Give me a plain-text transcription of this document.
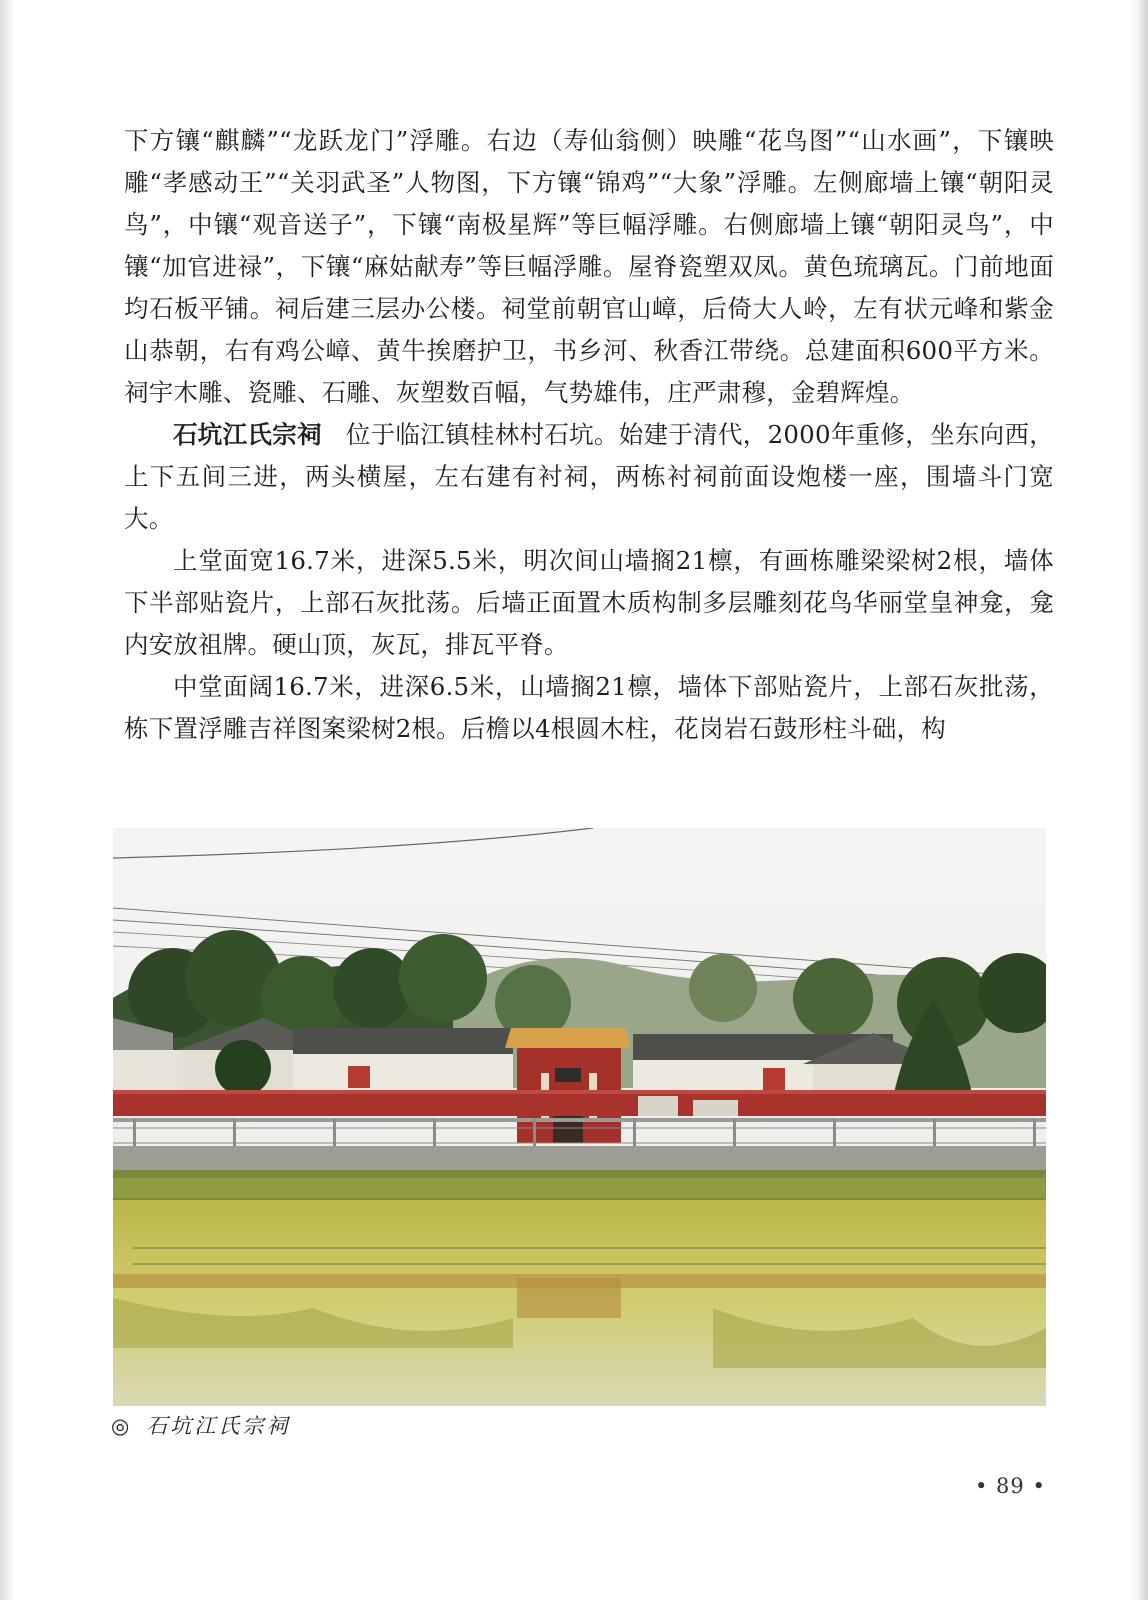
下方镶“麒麟”“龙跃龙门”浮雕。右边（寿仙翁侧）映雕“花鸟图”“山水画”，下镶映雕“孝感动王”“关羽武圣”人物图，下方镶“锦鸡”“大象”浮雕。左侧廊墙上镶“朝阳灵鸟”，中镶“观音送子”，下镶“南极星辉”等巨幅浮雕。右侧廊墙上镶“朝阳灵鸟”，中镶“加官进禄”，下镶“麻姑献寿”等巨幅浮雕。屋脊瓷塑双凤。黄色琉璃瓦。门前地面均石板平铺。祠后建三层办公楼。祠堂前朝官山嶂，后倚大人岭，左有状元峰和紫金山恭朝，右有鸡公嶂、黄牛挨磨护卫，书乡河、秋香江带绕。总建面积600平方米。祠宇木雕、瓷雕、石雕、灰塑数百幅，气势雄伟，庄严肃穆，金碧辉煌。

石坑江氏宗祠 位于临江镇桂林村石坑。始建于清代，2000年重修，坐东向西，上下五间三进，两头横屋，左右建有衬祠，两栋衬祠前面设炮楼一座，围墙斗门宽大。

上堂面宽16.7米，进深5.5米，明次间山墙搁21檩，有画栋雕梁梁树2根，墙体下半部贴瓷片，上部石灰批荡。后墙正面置木质构制多层雕刻花鸟华丽堂皇神龛，龛内安放祖牌。硬山顶，灰瓦，排瓦平脊。

中堂面阔16.7米，进深6.5米，山墙搁21檩，墙体下部贴瓷片，上部石灰批荡，栋下置浮雕吉祥图案梁树2根。后檐以4根圆木柱，花岗岩石鼓形柱斗础，构

◎ 石坑江氏宗祠
• 89 •
